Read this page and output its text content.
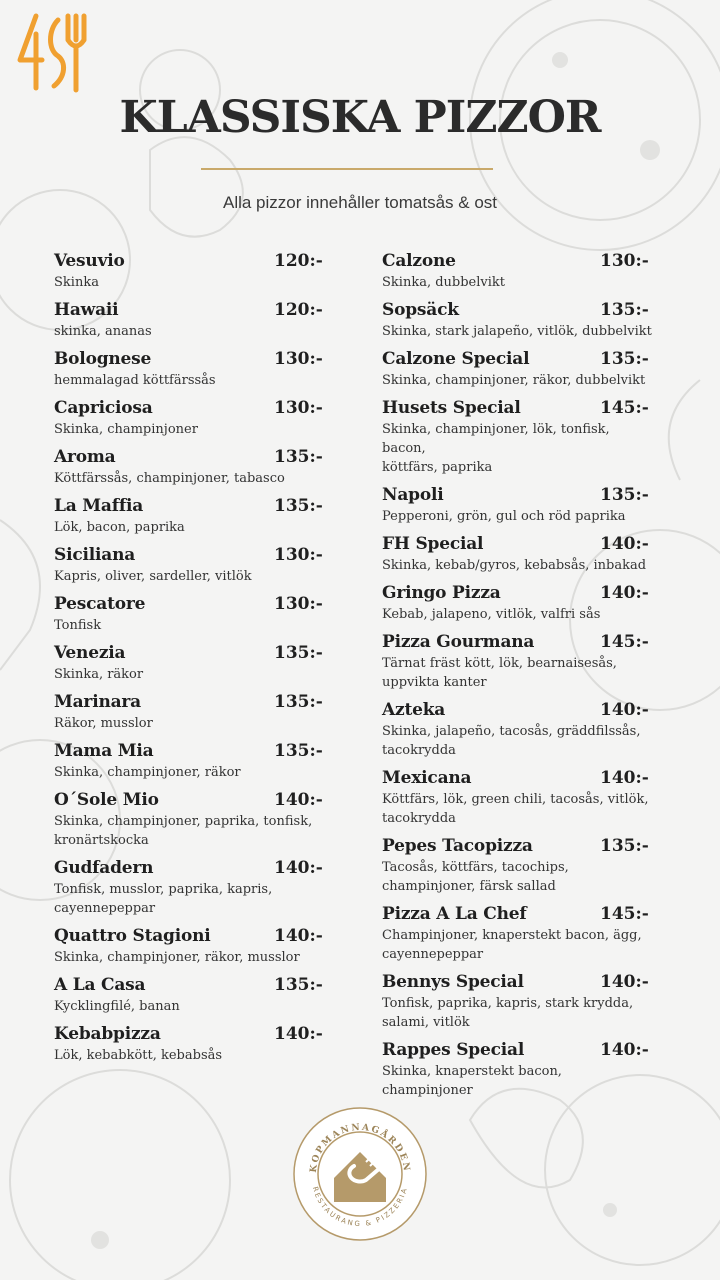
KLASSISKA PIZZOR
Alla pizzor innehåller tomatsås & ost
Vesuvio	120:-
Skinka
Hawaii	120:-
skinka, ananas
Bolognese	130:-
hemmalagad köttfärssås
Capriciosa	130:-
Skinka, champinjoner
Aroma	135:-
Köttfärssås, champinjoner, tabasco
La Maffia	135:-
Lök, bacon, paprika
Siciliana	130:-
Kapris, oliver, sardeller, vitlök
Pescatore	130:-
Tonfisk
Venezia	135:-
Skinka, räkor
Marinara	135:-
Räkor, musslor
Mama Mia	135:-
Skinka, champinjoner, räkor
O´Sole Mio	140:-
Skinka, champinjoner, paprika, tonfisk,
kronärtskocka
Gudfadern	140:-
Tonfisk, musslor, paprika, kapris,
cayennepeppar
Quattro Stagioni	140:-
Skinka, champinjoner, räkor, musslor
A La Casa	135:-
Kycklingfilé, banan
Kebabpizza	140:-
Lök, kebabkött, kebabsås
Calzone	130:-
Skinka, dubbelvikt
Sopsäck	135:-
Skinka, stark jalapeño, vitlök, dubbelvikt
Calzone Special	135:-
Skinka, champinjoner, räkor, dubbelvikt
Husets Special	145:-
Skinka, champinjoner, lök, tonfisk, bacon,
köttfärs, paprika
Napoli	135:-
Pepperoni, grön, gul och röd paprika
FH Special	140:-
Skinka, kebab/gyros, kebabsås, inbakad
Gringo Pizza	140:-
Kebab, jalapeno, vitlök, valfri sås
Pizza Gourmana	145:-
Tärnat fräst kött, lök, bearnaisesås,
uppvikta kanter
Azteka	140:-
Skinka, jalapeño, tacosås, gräddfilssås,
tacokrydda
Mexicana	140:-
Köttfärs, lök, green chili, tacosås, vitlök,
tacokrydda
Pepes Tacopizza	135:-
Tacosås, köttfärs, tacochips,
champinjoner, färsk sallad
Pizza A La Chef	145:-
Champinjoner, knaperstekt bacon, ägg,
cayennepeppar
Bennys Special	140:-
Tonfisk, paprika, kapris, stark krydda,
salami, vitlök
Rappes Special	140:-
Skinka, knaperstekt bacon, champinjoner
KOPMANNAGÅRDEN
RESTAURANG & PIZZERIA
